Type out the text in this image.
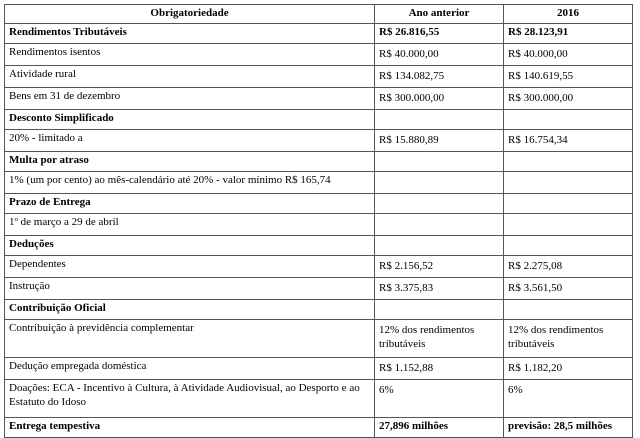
Obrigatoriedade	Ano anterior	2016
Rendimentos Tributáveis	R$ 26.816,55	R$ 28.123,91
Rendimentos isentos	R$ 40.000,00	R$ 40.000,00
Atividade rural	R$ 134.082,75	R$ 140.619,55
Bens em 31 de dezembro	R$ 300.000,00	R$ 300.000,00
Desconto Simplificado		
20% - limitado a	R$ 15.880,89	R$ 16.754,34
Multa por atraso		
1% (um por cento) ao mês-calendário até 20% - valor mínimo R$ 165,74		
Prazo de Entrega		
1º de março a 29 de abril		
Deduções		
Dependentes	R$ 2.156,52	R$ 2.275,08
Instrução	R$ 3.375,83	R$ 3.561,50
Contribuição Oficial		
Contribuição à previdência complementar	12% dos rendimentos tributáveis	12% dos rendimentos tributáveis
Dedução empregada doméstica	R$ 1.152,88	R$ 1.182,20
Doações: ECA - Incentivo à Cultura, à Atividade Audiovisual, ao Desporto e ao Estatuto do Idoso	6%	6%
Entrega tempestiva	27,896 milhões	previsão: 28,5 milhões
